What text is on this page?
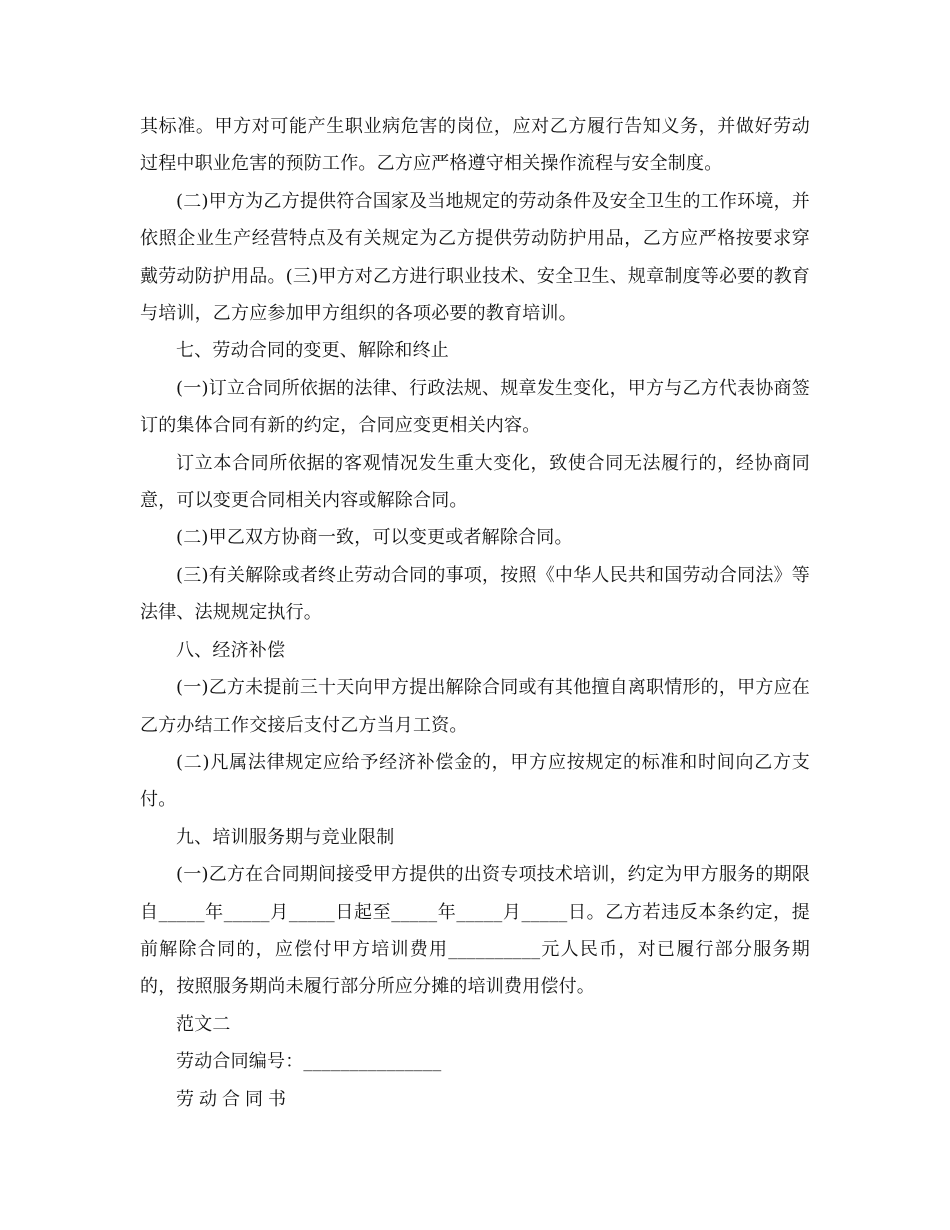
其标准。甲方对可能产生职业病危害的岗位，应对乙方履行告知义务，并做好劳动过程中职业危害的预防工作。乙方应严格遵守相关操作流程与安全制度。

(二)甲方为乙方提供符合国家及当地规定的劳动条件及安全卫生的工作环境，并依照企业生产经营特点及有关规定为乙方提供劳动防护用品，乙方应严格按要求穿戴劳动防护用品。(三)甲方对乙方进行职业技术、安全卫生、规章制度等必要的教育与培训，乙方应参加甲方组织的各项必要的教育培训。

七、劳动合同的变更、解除和终止

(一)订立合同所依据的法律、行政法规、规章发生变化，甲方与乙方代表协商签订的集体合同有新的约定，合同应变更相关内容。

订立本合同所依据的客观情况发生重大变化，致使合同无法履行的，经协商同意，可以变更合同相关内容或解除合同。

(二)甲乙双方协商一致，可以变更或者解除合同。

(三)有关解除或者终止劳动合同的事项，按照《中华人民共和国劳动合同法》等法律、法规规定执行。

八、经济补偿

(一)乙方未提前三十天向甲方提出解除合同或有其他擅自离职情形的，甲方应在乙方办结工作交接后支付乙方当月工资。

(二)凡属法律规定应给予经济补偿金的，甲方应按规定的标准和时间向乙方支付。

九、培训服务期与竞业限制

(一)乙方在合同期间接受甲方提供的出资专项技术培训，约定为甲方服务的期限自_____年_____月_____日起至_____年_____月_____日。乙方若违反本条约定，提前解除合同的，应偿付甲方培训费用__________元人民币，对已履行部分服务期的，按照服务期尚未履行部分所应分摊的培训费用偿付。

范文二

劳动合同编号：_______________

劳动合同书
